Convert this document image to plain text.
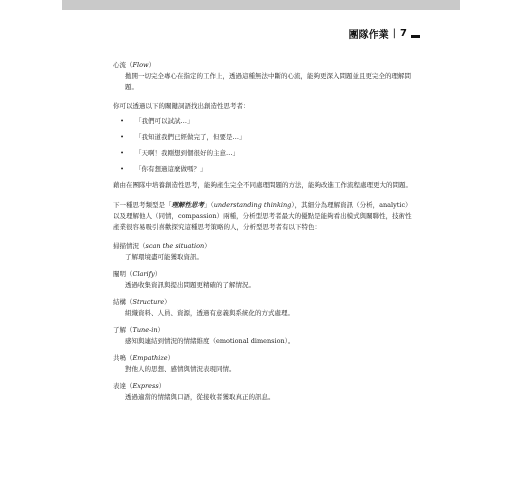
團隊作業 | 7

心流（Flow）

拋開一切完全專心在指定的工作上，透過這種無法中斷的心流，能夠更深入問題並且更完全的理解問題。

你可以透過以下的關鍵詞語找出創造性思考者：

• 「我們可以試試…」
• 「我知道我們已經做完了，但要是…」
• 「天啊！我剛想到個很好的主意…」
• 「你有想過這麼做嗎？」

藉由在團隊中培養創造性思考，能夠產生完全不同處理問題的方法，能夠改進工作流程處理更大的問題。

下一種思考類型是「理解性思考」（understanding thinking），其細分為理解資訊（分析，analytic）以及理解他人（同情，compassion）兩種，分析型思考者最大的優點是能夠看出模式與關聯性，技術性產業很容易吸引喜歡探究這種思考策略的人，分析型思考者有以下特色：

掃描情況（scan the situation）

了解環境盡可能獲取資訊。

闡明（Clarify）

透過收集資訊與提出問題更精確的了解情況。

結構（Structure）

組織資料、人員、資源，透過有意義與系統化的方式處理。

了解（Tune-in）

感知與連結到情況的情緒維度（emotional dimension）。

共鳴（Empathize）

對他人的思想、感情與情況表現同情。

表達（Express）

透過適當的情緒與口語，從接收者獲取真正的訊息。
